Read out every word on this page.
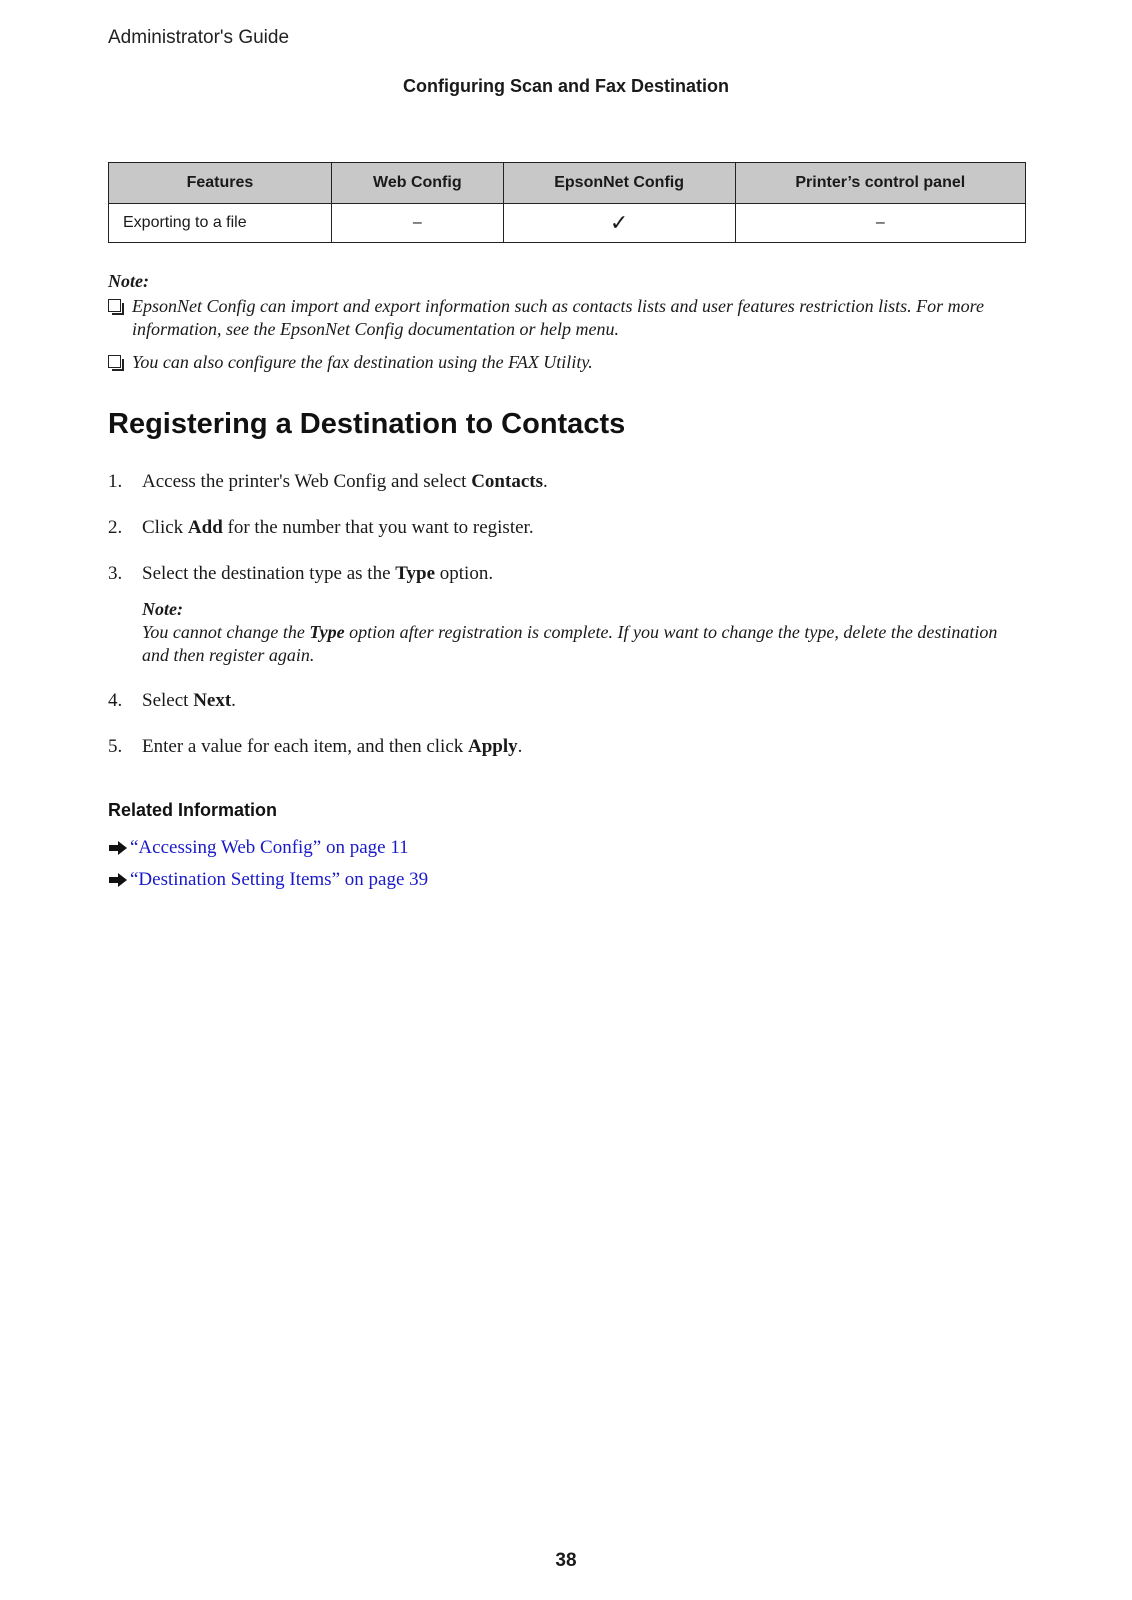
Administrator's Guide
Configuring Scan and Fax Destination
Features	Web Config	EpsonNet Config	Printer’s control panel
Exporting to a file	–	✓	–
Note:
EpsonNet Config can import and export information such as contacts lists and user features restriction lists. For more information, see the EpsonNet Config documentation or help menu.
You can also configure the fax destination using the FAX Utility.
Registering a Destination to Contacts
1. Access the printer's Web Config and select Contacts.
2. Click Add for the number that you want to register.
3. Select the destination type as the Type option.
Note:
You cannot change the Type option after registration is complete. If you want to change the type, delete the destination and then register again.
4. Select Next.
5. Enter a value for each item, and then click Apply.
Related Information
“Accessing Web Config” on page 11
“Destination Setting Items” on page 39
38
